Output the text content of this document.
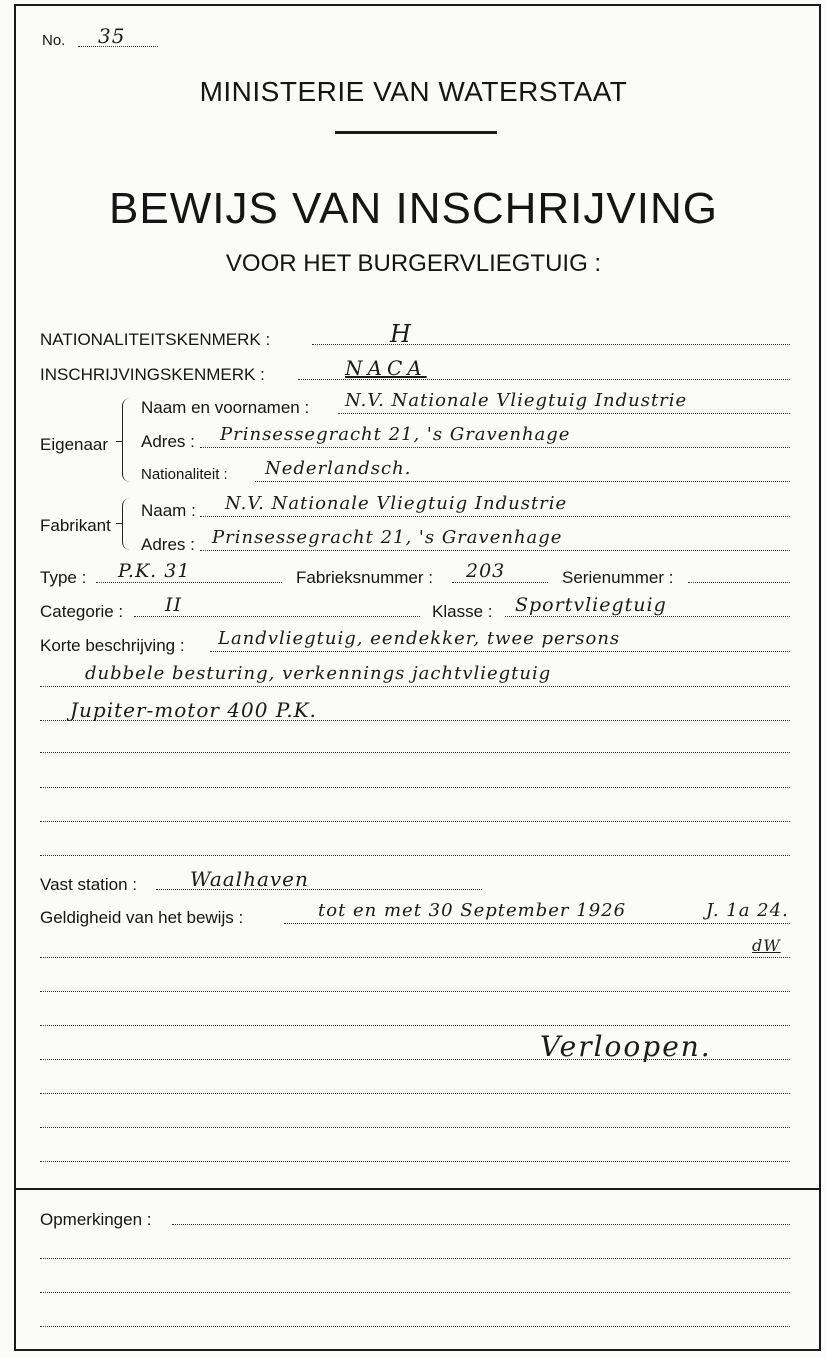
No. 35
MINISTERIE VAN WATERSTAAT
BEWIJS VAN INSCHRIJVING
VOOR HET BURGERVLIEGTUIG :
NATIONALITEITSKENMERK :	H
INSCHRIJVINGSKENMERK :	NACA
Eigenaar
Naam en voornamen : N.V. Nationale Vliegtuig Industrie
Adres : Prinsessegracht 21, 's Gravenhage
Nationaliteit : Nederlandsch.
Fabrikant
Naam : N.V. Nationale Vliegtuig Industrie
Adres : Prinsessegracht 21, 's Gravenhage
Type : P.K. 31	Fabrieksnummer : 203	Serienummer :
Categorie : II	Klasse : Sportvliegtuig
Korte beschrijving : Landvliegtuig, eendekker, twee persons
dubbele besturing, verkennings jachtvliegtuig
Jupiter-motor 400 P.K.
Vast station :	Waalhaven
Geldigheid van het bewijs :	tot en met 30 September 1926	J. 1a 24.
dW
Verloopen.
Opmerkingen :
